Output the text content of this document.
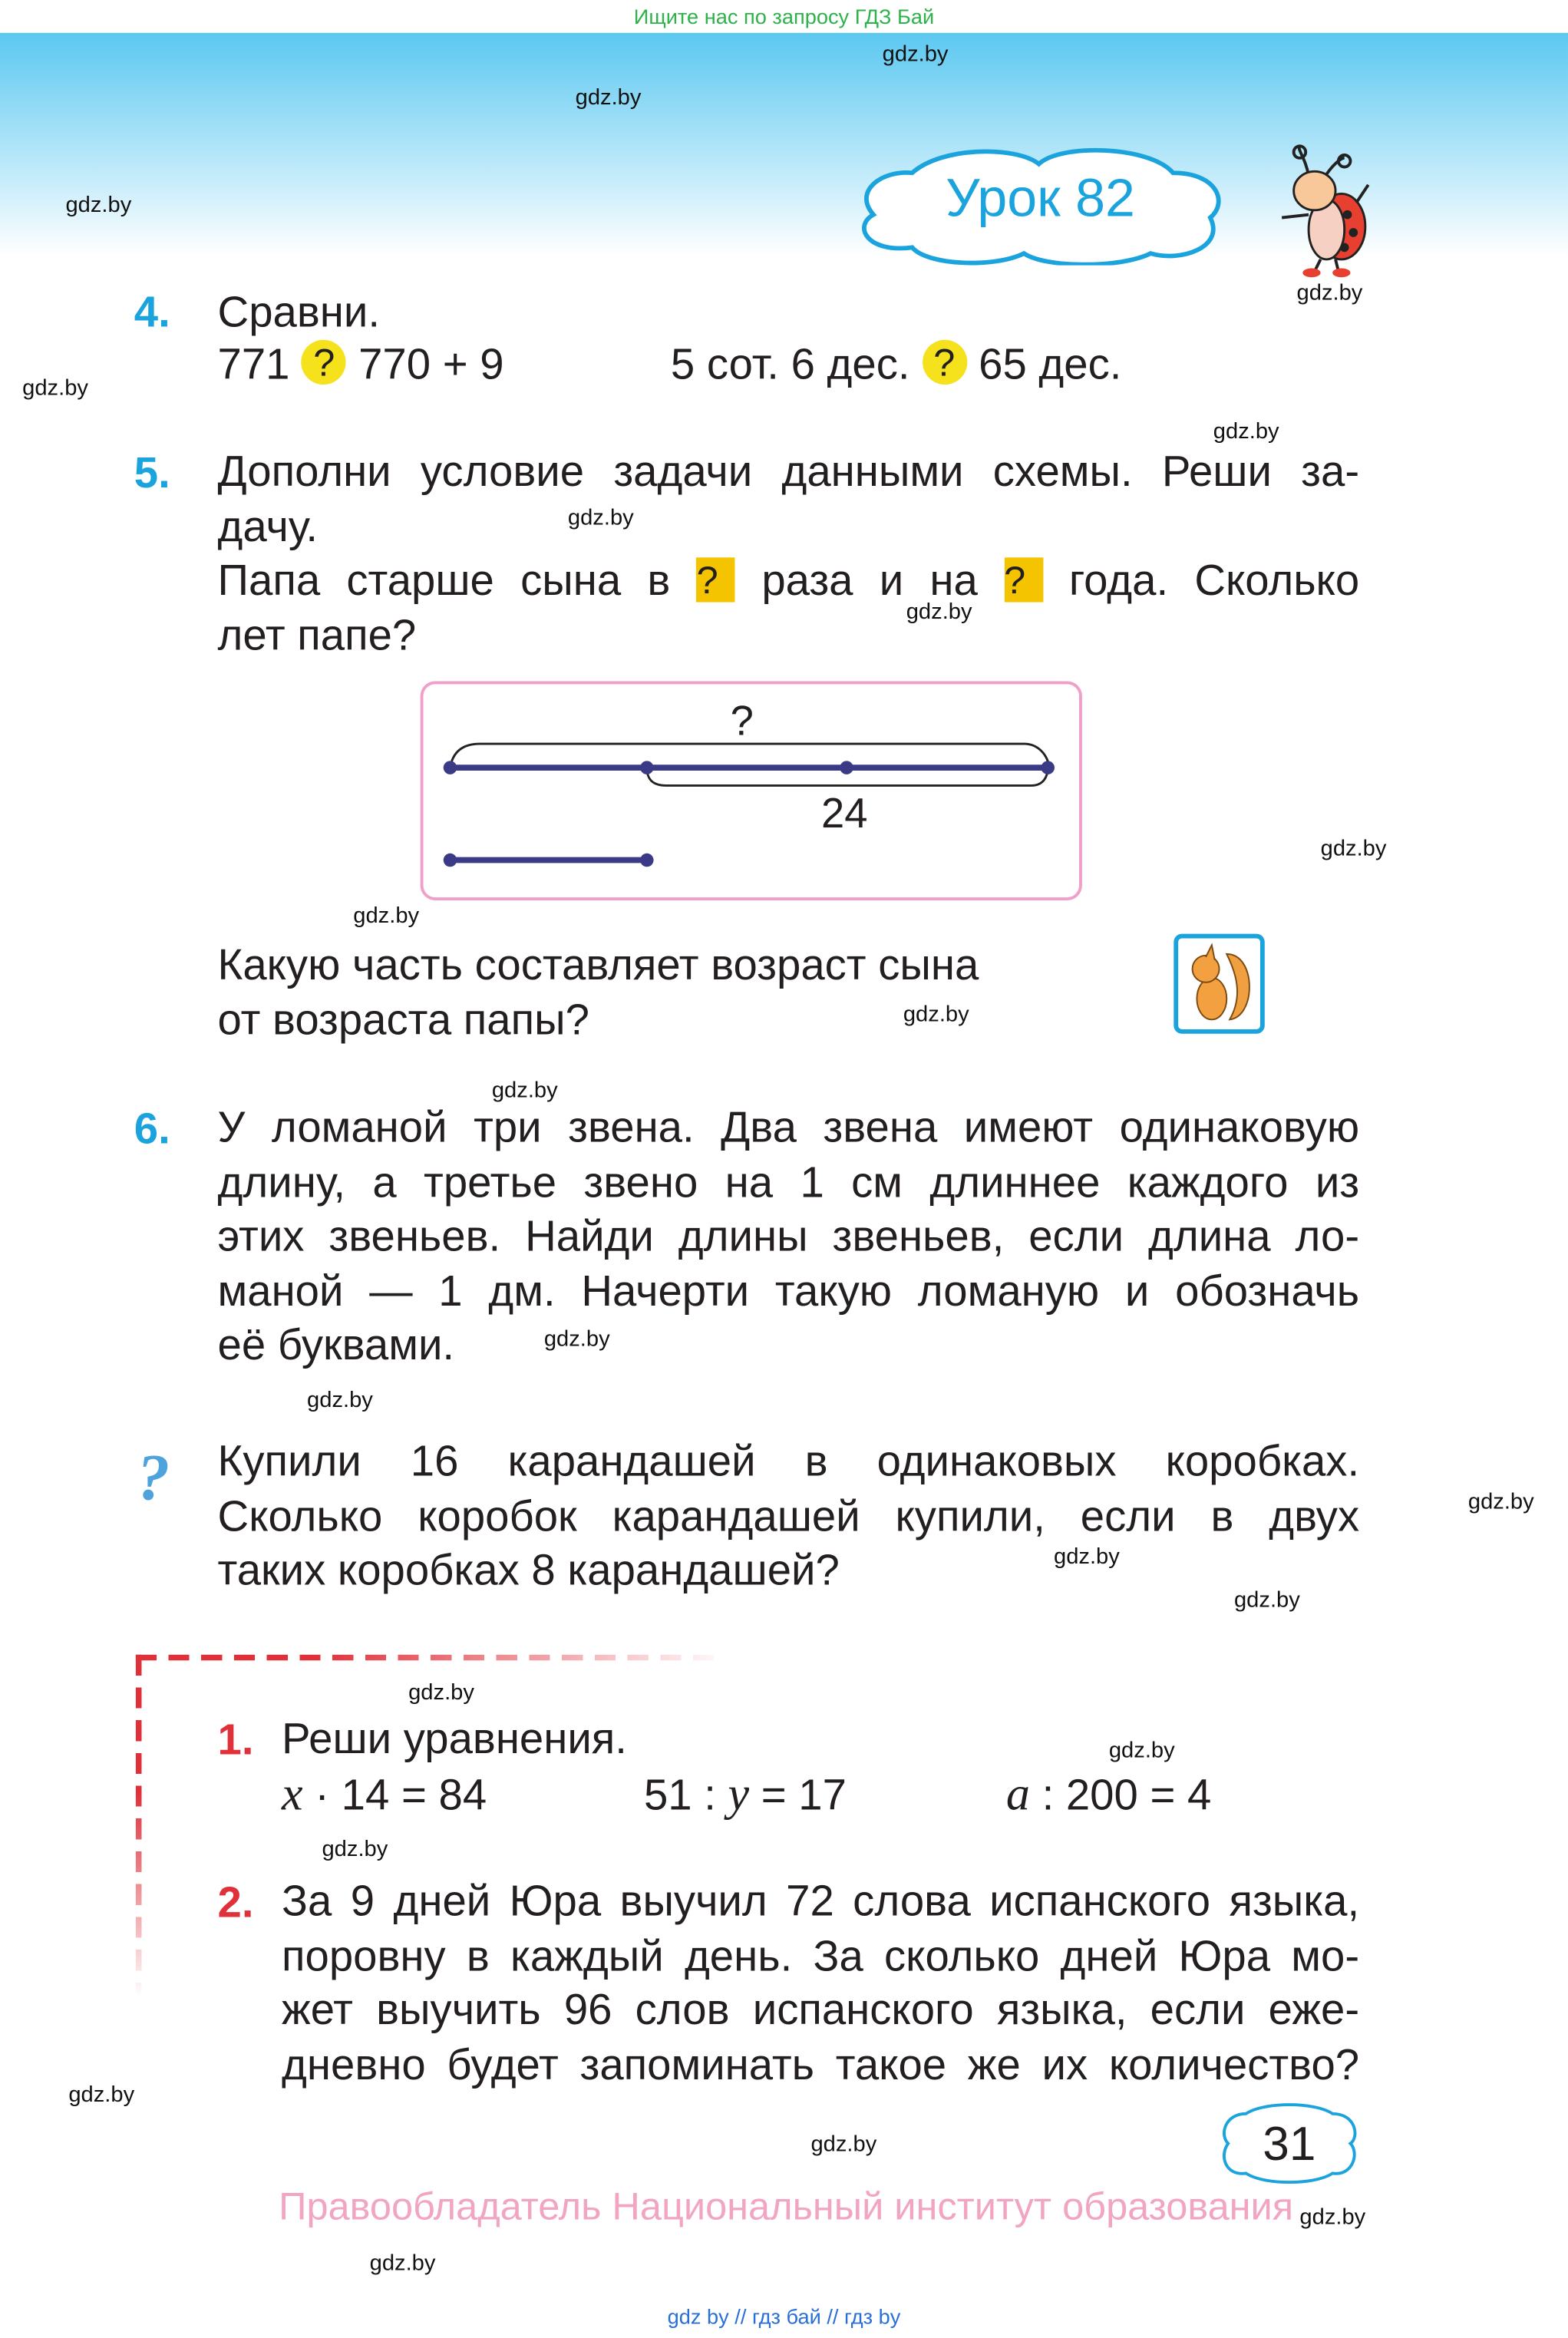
Ищите нас по запросу ГДЗ Бай
gdz.by
gdz.by
gdz.by
gdz.by
gdz.by
gdz.by
gdz.by
gdz.by
gdz.by
gdz.by
gdz.by
gdz.by
gdz.by
gdz.by
gdz.by
gdz.by
gdz.by
gdz.by
gdz.by
gdz.by
gdz.by
gdz.by
gdz.by
gdz.by
Урок 82
4. Сравни.
771 ? 770 + 9	5 сот. 6 дес. ? 65 дес.
5. Дополни условие задачи данными схемы. Реши за-
дачу.
Папа старше сына в ? раза и на ? года. Сколько
лет папе?
?
24
Какую часть составляет возраст сына
от возраста папы?
6. У ломаной три звена. Два звена имеют одинаковую
длину, а третье звено на 1 см длиннее каждого из
этих звеньев. Найди длины звеньев, если длина ло-
маной — 1 дм. Начерти такую ломаную и обозначь
её буквами.
? Купили 16 карандашей в одинаковых коробках.
Сколько коробок карандашей купили, если в двух
таких коробках 8 карандашей?
1. Реши уравнения.
x · 14 = 84	51 : y = 17	a : 200 = 4
2. За 9 дней Юра выучил 72 слова испанского языка,
поровну в каждый день. За сколько дней Юра мо-
жет выучить 96 слов испанского языка, если еже-
дневно будет запоминать такое же их количество?
31
Правообладатель Национальный институт образования
gdz by // гдз бай // гдз by
